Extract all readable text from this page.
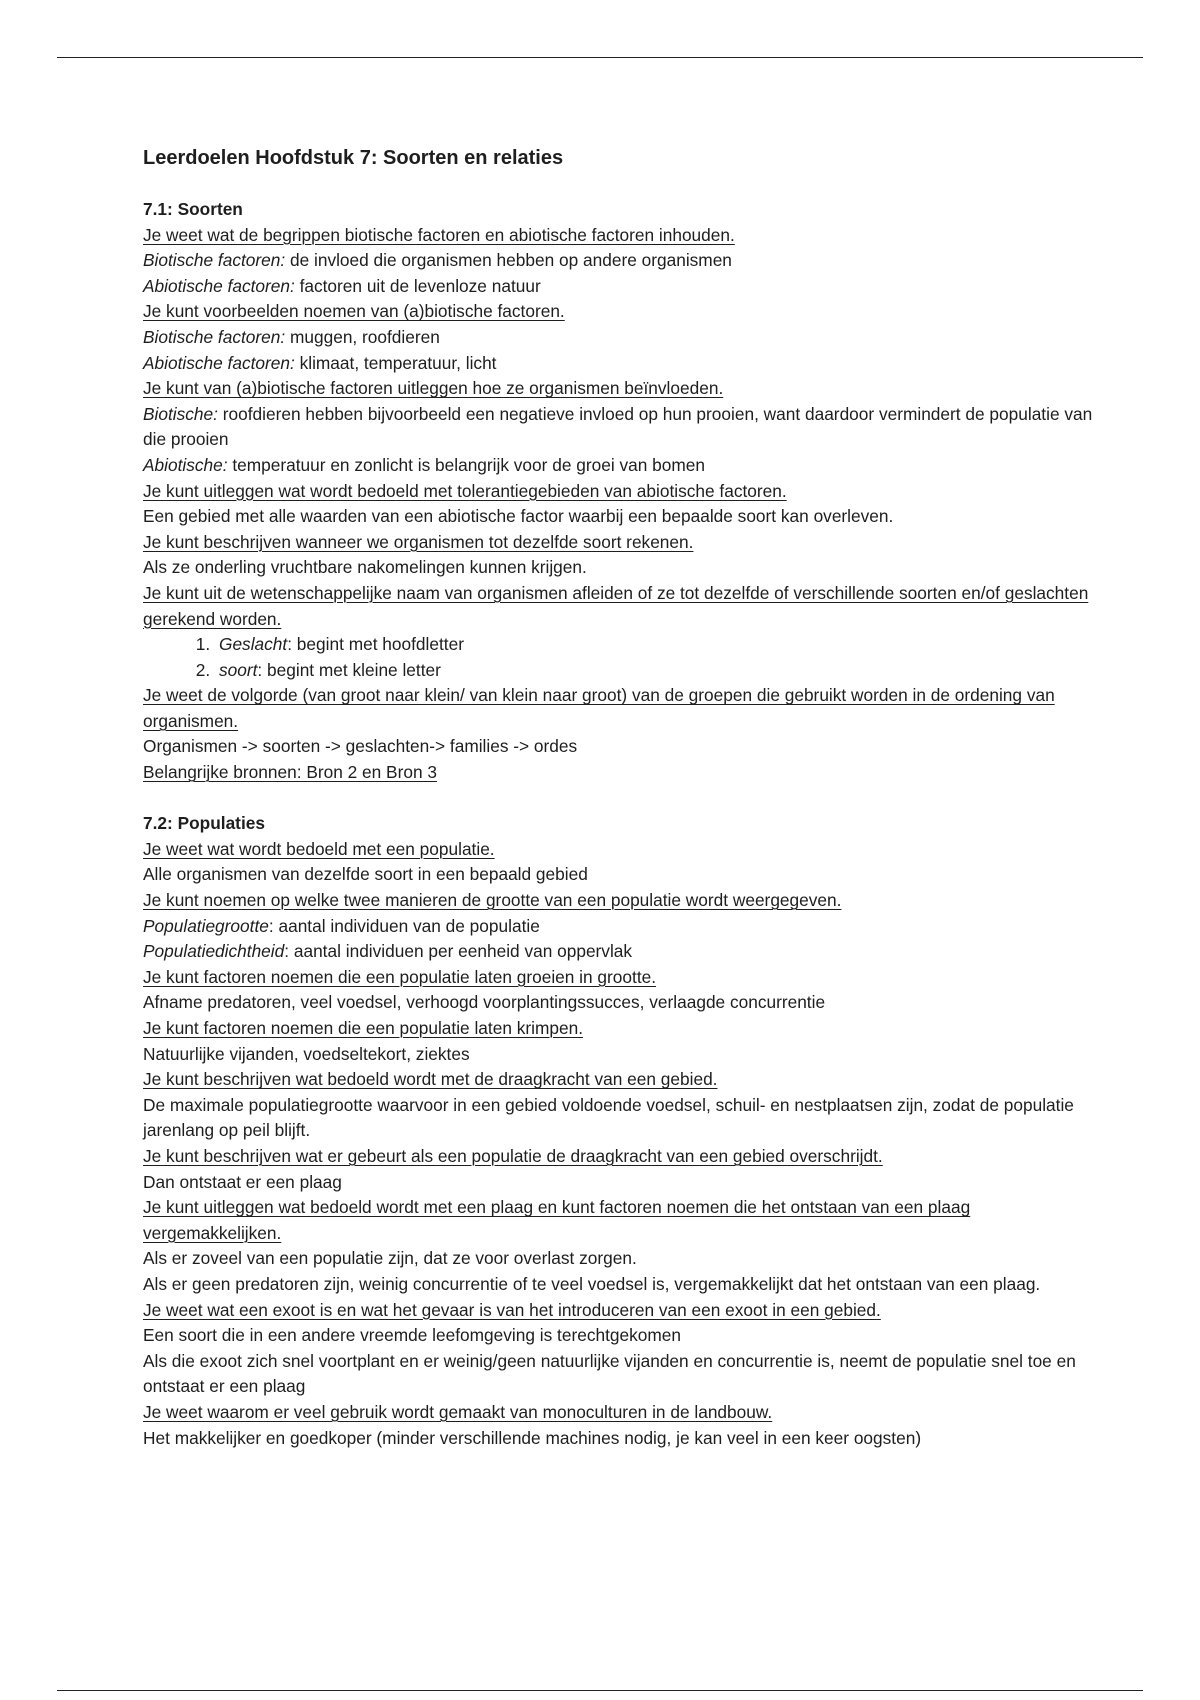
Leerdoelen Hoofdstuk 7: Soorten en relaties

7.1: Soorten

Je weet wat de begrippen biotische factoren en abiotische factoren inhouden.

Biotische factoren: de invloed die organismen hebben op andere organismen

Abiotische factoren: factoren uit de levenloze natuur

Je kunt voorbeelden noemen van (a)biotische factoren.

Biotische factoren: muggen, roofdieren

Abiotische factoren: klimaat, temperatuur, licht

Je kunt van (a)biotische factoren uitleggen hoe ze organismen beïnvloeden.

Biotische: roofdieren hebben bijvoorbeeld een negatieve invloed op hun prooien, want daardoor vermindert de populatie van die prooien

Abiotische: temperatuur en zonlicht is belangrijk voor de groei van bomen

Je kunt uitleggen wat wordt bedoeld met tolerantiegebieden van abiotische factoren.

Een gebied met alle waarden van een abiotische factor waarbij een bepaalde soort kan overleven.

Je kunt beschrijven wanneer we organismen tot dezelfde soort rekenen.

Als ze onderling vruchtbare nakomelingen kunnen krijgen.

Je kunt uit de wetenschappelijke naam van organismen afleiden of ze tot dezelfde of verschillende soorten en/of geslachten gerekend worden.

1. Geslacht: begint met hoofdletter
2. soort: begint met kleine letter

Je weet de volgorde (van groot naar klein/ van klein naar groot) van de groepen die gebruikt worden in de ordening van organismen.

Organismen -> soorten -> geslachten-> families -> ordes

Belangrijke bronnen: Bron 2 en Bron 3

7.2: Populaties

Je weet wat wordt bedoeld met een populatie.

Alle organismen van dezelfde soort in een bepaald gebied

Je kunt noemen op welke twee manieren de grootte van een populatie wordt weergegeven.

Populatiegrootte: aantal individuen van de populatie

Populatiedichtheid: aantal individuen per eenheid van oppervlak

Je kunt factoren noemen die een populatie laten groeien in grootte.

Afname predatoren, veel voedsel, verhoogd voorplantingssucces, verlaagde concurrentie

Je kunt factoren noemen die een populatie laten krimpen.

Natuurlijke vijanden, voedseltekort, ziektes

Je kunt beschrijven wat bedoeld wordt met de draagkracht van een gebied.

De maximale populatiegrootte waarvoor in een gebied voldoende voedsel, schuil- en nestplaatsen zijn, zodat de populatie jarenlang op peil blijft.

Je kunt beschrijven wat er gebeurt als een populatie de draagkracht van een gebied overschrijdt.

Dan ontstaat er een plaag

Je kunt uitleggen wat bedoeld wordt met een plaag en kunt factoren noemen die het ontstaan van een plaag vergemakkelijken.

Als er zoveel van een populatie zijn, dat ze voor overlast zorgen.

Als er geen predatoren zijn, weinig concurrentie of te veel voedsel is, vergemakkelijkt dat het ontstaan van een plaag.

Je weet wat een exoot is en wat het gevaar is van het introduceren van een exoot in een gebied.

Een soort die in een andere vreemde leefomgeving is terechtgekomen

Als die exoot zich snel voortplant en er weinig/geen natuurlijke vijanden en concurrentie is, neemt de populatie snel toe en ontstaat er een plaag

Je weet waarom er veel gebruik wordt gemaakt van monoculturen in de landbouw.

Het makkelijker en goedkoper (minder verschillende machines nodig, je kan veel in een keer oogsten)
